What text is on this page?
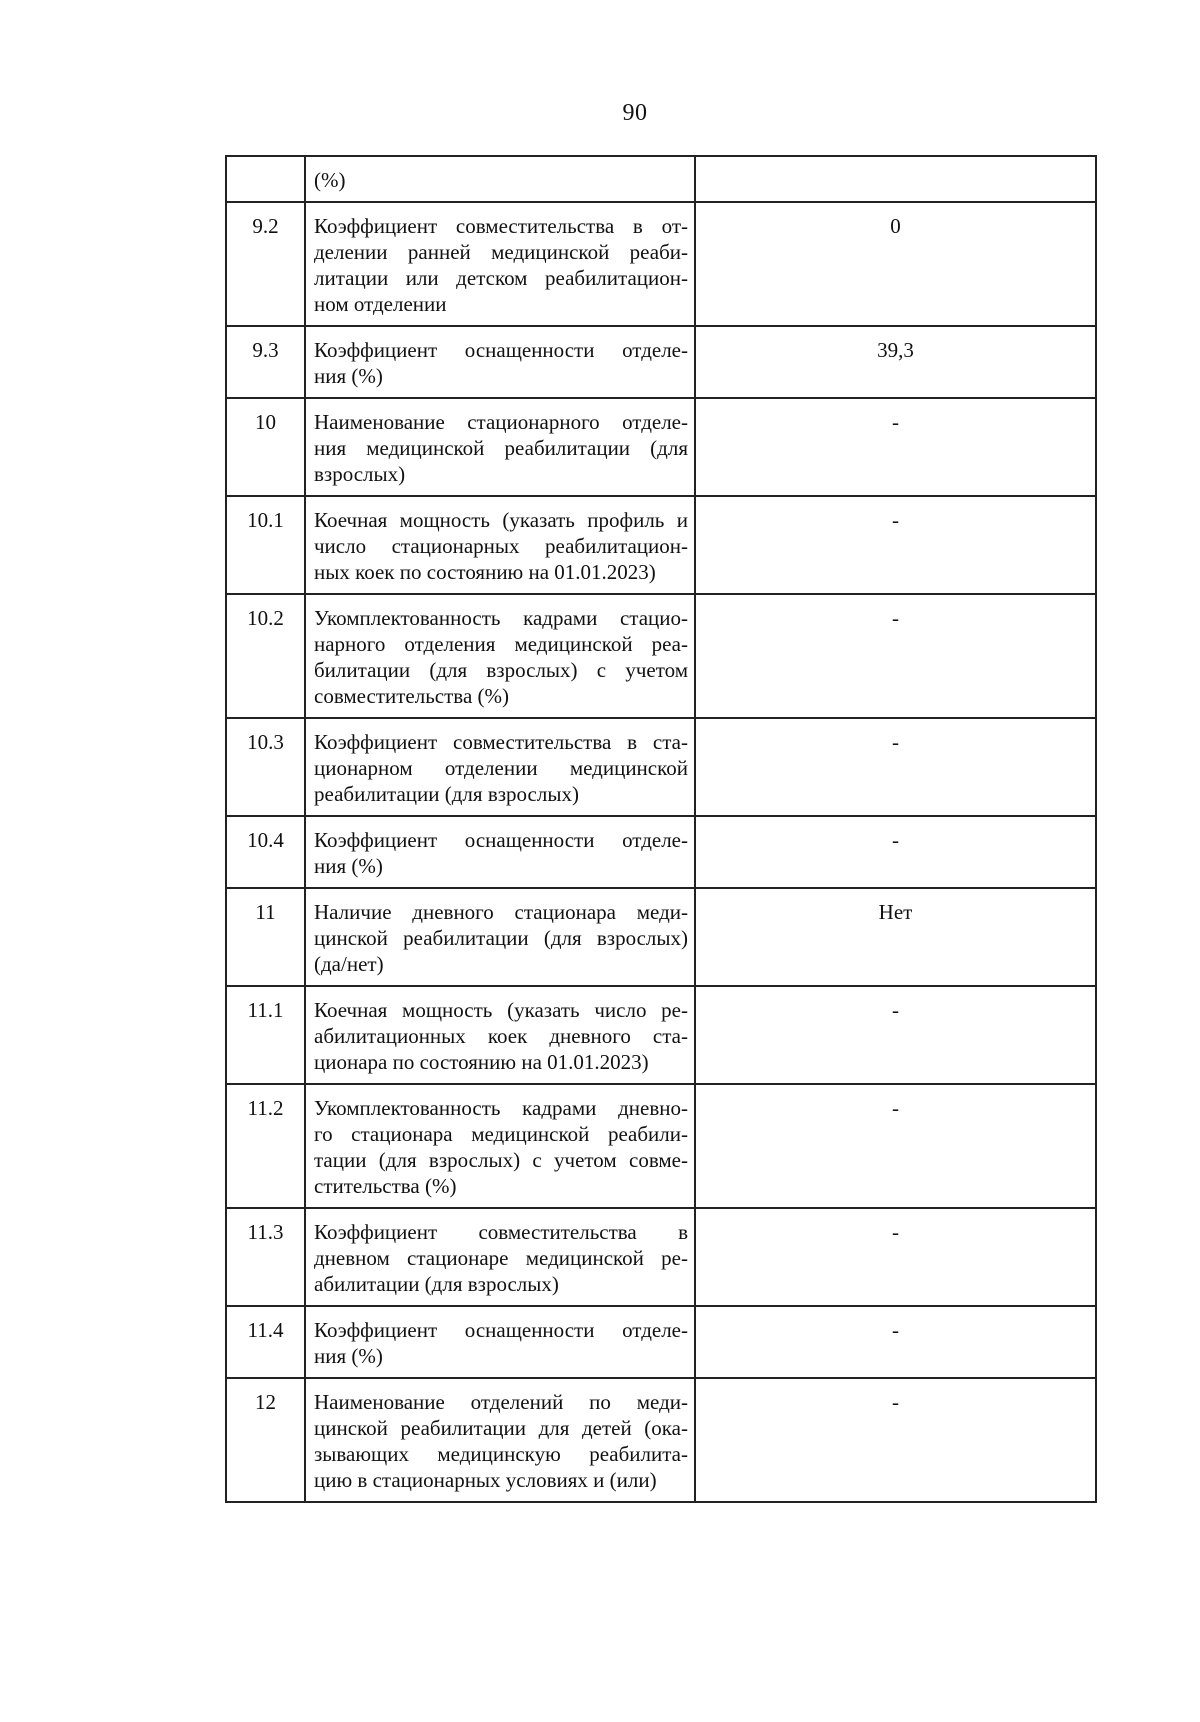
90

	(%)	

9.2	Коэффициент совместительства в от-
делении ранней медицинской реаби-
литации или детском реабилитацион-
ном отделении	0
9.3	Коэффициент оснащенности отделе-
ния (%)	39,3
10	Наименование стационарного отделе-
ния медицинской реабилитации (для
взрослых)	-
10.1	Коечная мощность (указать профиль и
число стационарных реабилитацион-
ных коек по состоянию на 01.01.2023)	-
10.2	Укомплектованность кадрами стацио-
нарного отделения медицинской реа-
билитации (для взрослых) с учетом
совместительства (%)	-
10.3	Коэффициент совместительства в ста-
ционарном отделении медицинской
реабилитации (для взрослых)	-
10.4	Коэффициент оснащенности отделе-
ния (%)	-
11	Наличие дневного стационара меди-
цинской реабилитации (для взрослых)
(да/нет)	Нет
11.1	Коечная мощность (указать число ре-
абилитационных коек дневного ста-
ционара по состоянию на 01.01.2023)	-
11.2	Укомплектованность кадрами дневно-
го стационара медицинской реабили-
тации (для взрослых) с учетом совме-
стительства (%)	-
11.3	Коэффициент совместительства в
дневном стационаре медицинской ре-
абилитации (для взрослых)	-
11.4	Коэффициент оснащенности отделе-
ния (%)	-
12	Наименование отделений по меди-
цинской реабилитации для детей (ока-
зывающих медицинскую реабилита-
цию в стационарных условиях и (или)	-
